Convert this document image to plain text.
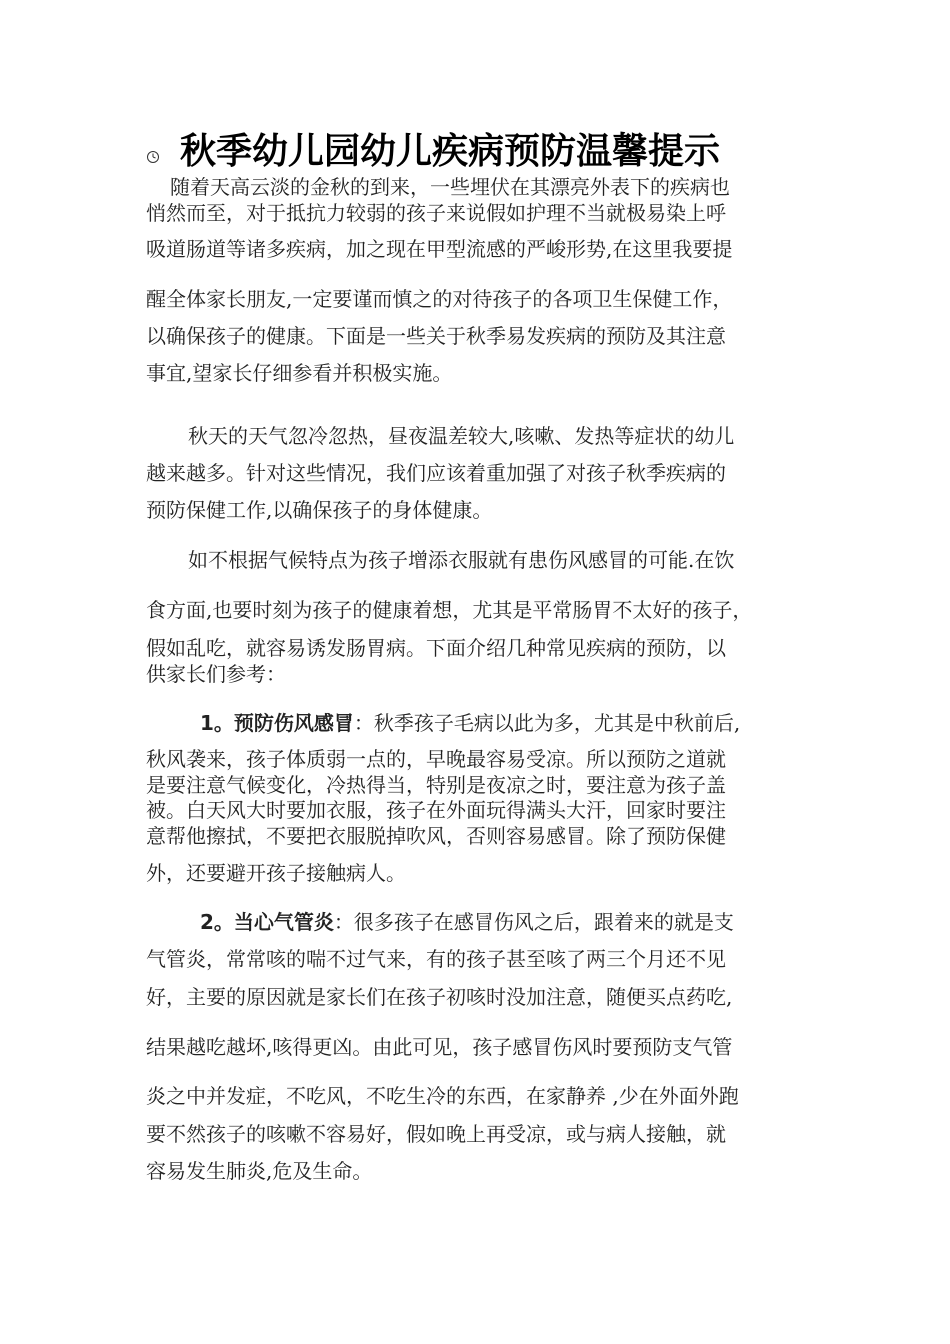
秋季幼儿园幼儿疾病预防温馨提示
随着天高云淡的金秋的到来，一些埋伏在其漂亮外表下的疾病也
悄然而至，对于抵抗力较弱的孩子来说假如护理不当就极易染上呼
吸道肠道等诸多疾病，加之现在甲型流感的严峻形势,在这里我要提
醒全体家长朋友,一定要谨而慎之的对待孩子的各项卫生保健工作，
以确保孩子的健康。下面是一些关于秋季易发疾病的预防及其注意
事宜,望家长仔细参看并积极实施。
秋天的天气忽冷忽热，昼夜温差较大,咳嗽、发热等症状的幼儿
越来越多。针对这些情况，我们应该着重加强了对孩子秋季疾病的
预防保健工作,以确保孩子的身体健康。
如不根据气候特点为孩子增添衣服就有患伤风感冒的可能.在饮
食方面,也要时刻为孩子的健康着想，尤其是平常肠胃不太好的孩子，
假如乱吃，就容易诱发肠胃病。下面介绍几种常见疾病的预防，以
供家长们参考：
1。预防伤风感冒：秋季孩子毛病以此为多，尤其是中秋前后,
秋风袭来，孩子体质弱一点的，早晚最容易受凉。所以预防之道就
是要注意气候变化，冷热得当，特别是夜凉之时，要注意为孩子盖
被。白天风大时要加衣服，孩子在外面玩得满头大汗，回家时要注
意帮他擦拭，不要把衣服脱掉吹风，否则容易感冒。除了预防保健
外，还要避开孩子接触病人。
2。当心气管炎：很多孩子在感冒伤风之后，跟着来的就是支
气管炎，常常咳的喘不过气来，有的孩子甚至咳了两三个月还不见
好，主要的原因就是家长们在孩子初咳时没加注意，随便买点药吃,
结果越吃越坏,咳得更凶。由此可见，孩子感冒伤风时要预防支气管
炎之中并发症，不吃风，不吃生冷的东西，在家静养 ,少在外面外跑
要不然孩子的咳嗽不容易好，假如晚上再受凉，或与病人接触，就
容易发生肺炎,危及生命。
